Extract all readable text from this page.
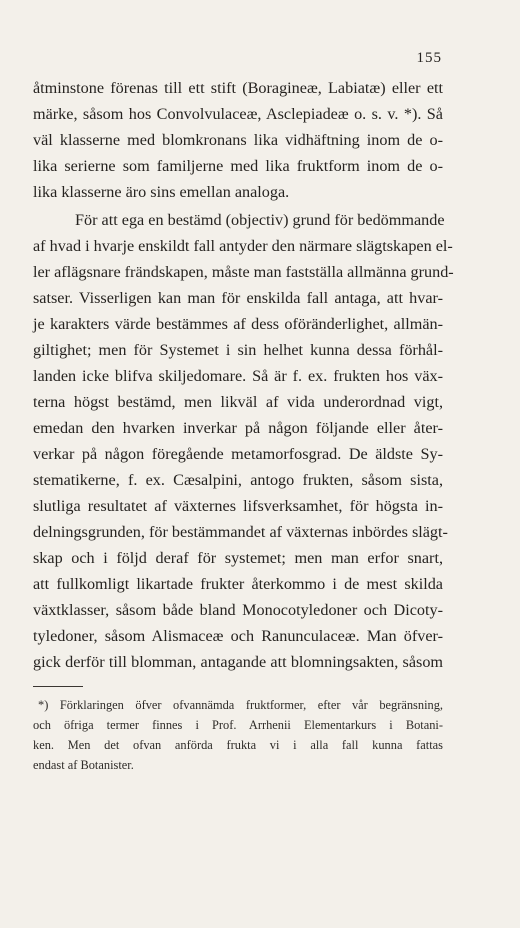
155
åtminstone förenas till ett stift (Boragineæ, Labiatæ) eller ett
märke, såsom hos Convolvulaceæ, Asclepiadeæ o. s. v. *). Så
väl klasserne med blomkronans lika vidhäftning inom de o-
lika serierne som familjerne med lika fruktform inom de o-
lika klasserne äro sins emellan analoga.
För att ega en bestämd (objectiv) grund för bedömmande
af hvad i hvarje enskildt fall antyder den närmare slägtskapen el-
ler aflägsnare frändskapen, måste man fastställa allmänna grund-
satser. Visserligen kan man för enskilda fall antaga, att hvar-
je karakters värde bestämmes af dess oföränderlighet, allmän-
giltighet; men för Systemet i sin helhet kunna dessa förhål-
landen icke blifva skiljedomare. Så är f. ex. frukten hos väx-
terna högst bestämd, men likväl af vida underordnad vigt,
emedan den hvarken inverkar på någon följande eller åter-
verkar på någon föregående metamorfosgrad. De äldste Sy-
stematikerne, f. ex. Cæsalpini, antogo frukten, såsom sista,
slutliga resultatet af växternes lifsverksamhet, för högsta in-
delningsgrunden, för bestämmandet af växternas inbördes slägt-
skap och i följd deraf för systemet; men man erfor snart,
att fullkomligt likartade frukter återkommo i de mest skilda
växtklasser, såsom både bland Monocotyledoner och Dicoty-
tyledoner, såsom Alismaceæ och Ranunculaceæ. Man öfver-
gick derför till blomman, antagande att blomningsakten, såsom
*) Förklaringen öfver ofvannämda fruktformer, efter vår begränsning,
och öfriga termer finnes i Prof. Arrhenii Elementarkurs i Botani-
ken. Men det ofvan anförda frukta vi i alla fall kunna fattas
endast af Botanister.
